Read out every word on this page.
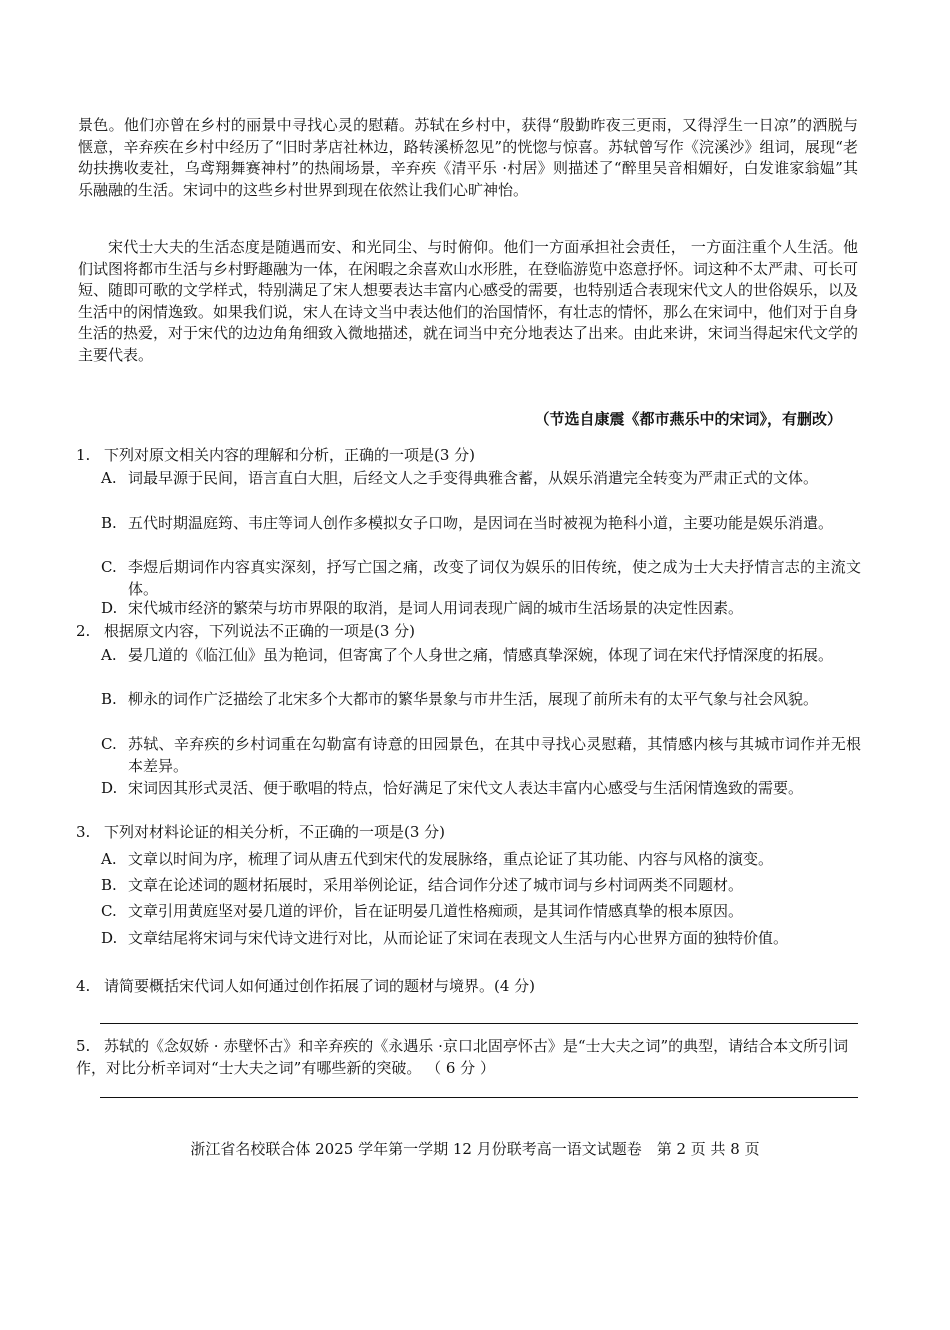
景色。他们亦曾在乡村的丽景中寻找心灵的慰藉。苏轼在乡村中，获得“殷勤昨夜三更雨，又得浮生一日凉”的洒脱与惬意，辛弃疾在乡村中经历了“旧时茅店社林边，路转溪桥忽见”的恍惚与惊喜。苏轼曾写作《浣溪沙》组词，展现“老幼扶携收麦社，乌鸢翔舞赛神村”的热闹场景，辛弃疾《清平乐 ·村居》则描述了“醉里吴音相媚好，白发谁家翁媪”其乐融融的生活。宋词中的这些乡村世界到现在依然让我们心旷神怡。

宋代士大夫的生活态度是随遇而安、和光同尘、与时俯仰。他们一方面承担社会责任， 一方面注重个人生活。他们试图将都市生活与乡村野趣融为一体，在闲暇之余喜欢山水形胜，在登临游览中恣意抒怀。词这种不太严肃、可长可短、随即可歌的文学样式，特别满足了宋人想要表达丰富内心感受的需要，也特别适合表现宋代文人的世俗娱乐，以及生活中的闲情逸致。如果我们说，宋人在诗文当中表达他们的治国情怀，有壮志的情怀，那么在宋词中，他们对于自身生活的热爱，对于宋代的边边角角细致入微地描述，就在词当中充分地表达了出来。由此来讲，宋词当得起宋代文学的主要代表。

（节选自康震《都市燕乐中的宋词》，有删改）

1. 下列对原文相关内容的理解和分析，正确的一项是(3 分)

A. 词最早源于民间，语言直白大胆，后经文人之手变得典雅含蓄，从娱乐消遣完全转变为严肃正式的文体。

B. 五代时期温庭筠、韦庄等词人创作多模拟女子口吻，是因词在当时被视为艳科小道，主要功能是娱乐消遣。

C. 李煜后期词作内容真实深刻，抒写亡国之痛，改变了词仅为娱乐的旧传统，使之成为士大夫抒情言志的主流文体。

D. 宋代城市经济的繁荣与坊市界限的取消，是词人用词表现广阔的城市生活场景的决定性因素。

2. 根据原文内容，下列说法不正确的一项是(3 分)

A. 晏几道的《临江仙》虽为艳词，但寄寓了个人身世之痛，情感真挚深婉，体现了词在宋代抒情深度的拓展。

B. 柳永的词作广泛描绘了北宋多个大都市的繁华景象与市井生活，展现了前所未有的太平气象与社会风貌。

C. 苏轼、辛弃疾的乡村词重在勾勒富有诗意的田园景色，在其中寻找心灵慰藉，其情感内核与其城市词作并无根本差异。

D. 宋词因其形式灵活、便于歌唱的特点，恰好满足了宋代文人表达丰富内心感受与生活闲情逸致的需要。

3. 下列对材料论证的相关分析，不正确的一项是(3 分)

A. 文章以时间为序，梳理了词从唐五代到宋代的发展脉络，重点论证了其功能、内容与风格的演变。

B. 文章在论述词的题材拓展时，采用举例论证，结合词作分述了城市词与乡村词两类不同题材。

C. 文章引用黄庭坚对晏几道的评价，旨在证明晏几道性格痴顽，是其词作情感真挚的根本原因。

D. 文章结尾将宋词与宋代诗文进行对比，从而论证了宋词在表现文人生活与内心世界方面的独特价值。

4. 请简要概括宋代词人如何通过创作拓展了词的题材与境界。(4 分)

5. 苏轼的《念奴娇 · 赤壁怀古》和辛弃疾的《永遇乐 ·京口北固亭怀古》是“士大夫之词”的典型，请结合本文所引词作，对比分析辛词对“士大夫之词”有哪些新的突破。 （ 6 分 ）

浙江省名校联合体 2025 学年第一学期 12 月份联考高一语文试题卷　第 2 页 共 8 页
